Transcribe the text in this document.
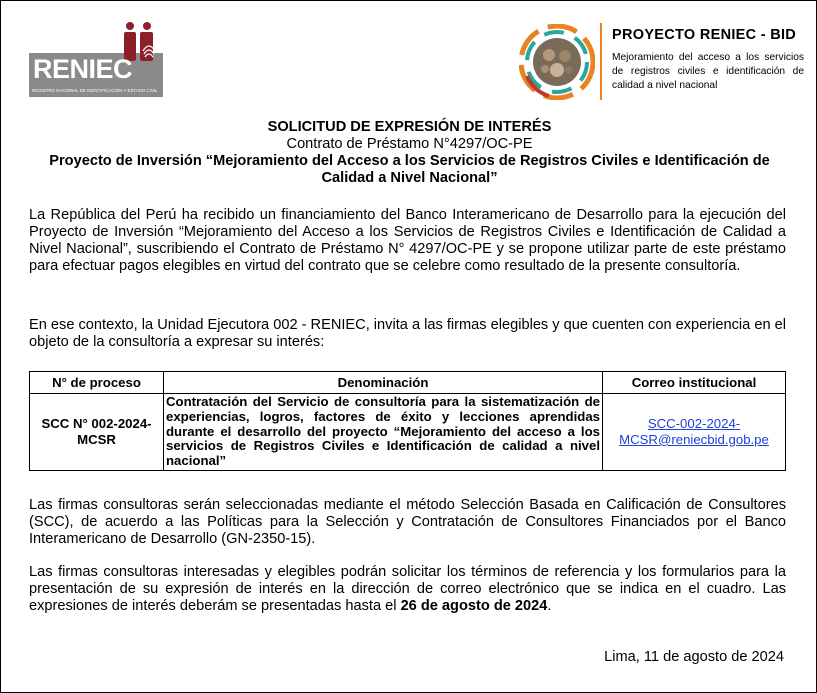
RENIEC
REGISTRO NACIONAL DE IDENTIFICACIÓN Y ESTADO CIVIL
PROYECTO RENIEC - BID
Mejoramiento del acceso a los servicios de registros civiles e identificación de calidad a nivel nacional
SOLICITUD DE EXPRESIÓN DE INTERÉS
Contrato de Préstamo N°4297/OC-PE
Proyecto de Inversión “Mejoramiento del Acceso a los Servicios de Registros Civiles e Identificación de Calidad a Nivel Nacional”
La República del Perú ha recibido un financiamiento del Banco Interamericano de Desarrollo para la ejecución del Proyecto de Inversión “Mejoramiento del Acceso a los Servicios de Registros Civiles e Identificación de Calidad a Nivel Nacional”, suscribiendo el Contrato de Préstamo N° 4297/OC-PE y se propone utilizar parte de este préstamo para efectuar pagos elegibles en virtud del contrato que se celebre como resultado de la presente consultoría.
En ese contexto, la Unidad Ejecutora 002 - RENIEC, invita a las firmas elegibles y que cuenten con experiencia en el objeto de la consultoría a expresar su interés:
N° de proceso	Denominación	Correo institucional
SCC N° 002-2024-MCSR	Contratación del Servicio de consultoría para la sistematización de experiencias, logros, factores de éxito y lecciones aprendidas durante el desarrollo del proyecto “Mejoramiento del acceso a los servicios de Registros Civiles e Identificación de calidad a nivel nacional”	SCC-002-2024-MCSR@reniecbid.gob.pe
Las firmas consultoras serán seleccionadas mediante el método Selección Basada en Calificación de Consultores (SCC), de acuerdo a las Políticas para la Selección y Contratación de Consultores Financiados por el Banco Interamericano de Desarrollo (GN-2350-15).
Las firmas consultoras interesadas y elegibles podrán solicitar los términos de referencia y los formularios para la presentación de su expresión de interés en la dirección de correo electrónico que se indica en el cuadro. Las expresiones de interés deberám se presentadas hasta el 26 de agosto de 2024.
Lima, 11 de agosto de 2024
